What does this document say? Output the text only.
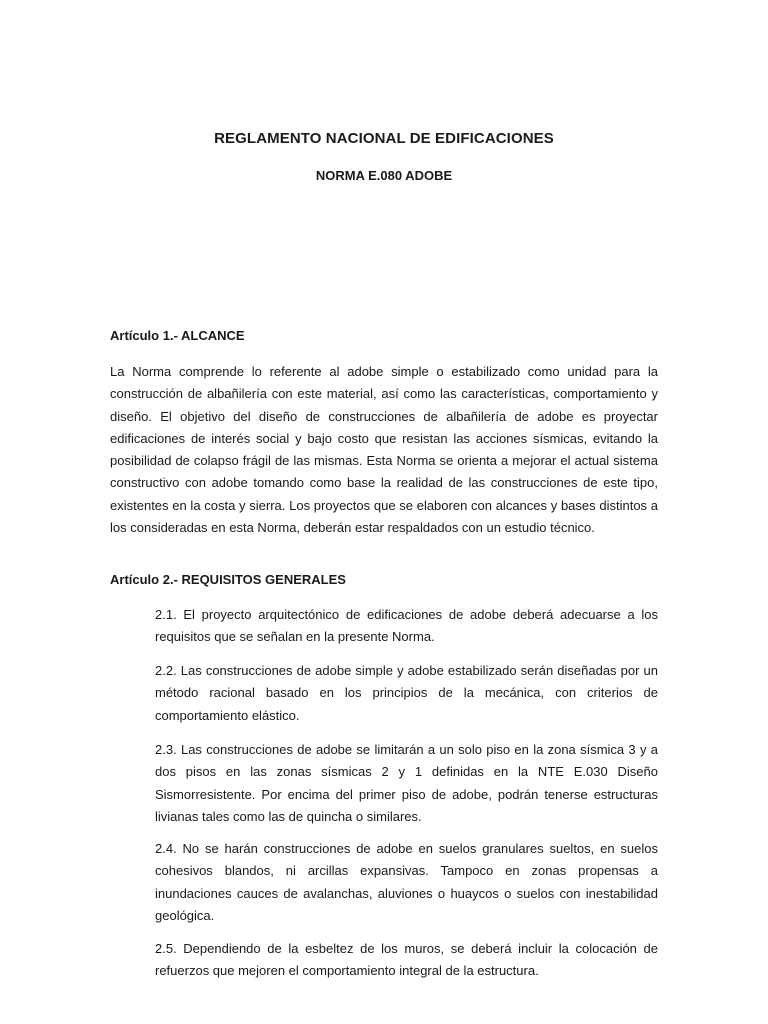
REGLAMENTO NACIONAL DE EDIFICACIONES
NORMA E.080 ADOBE
Artículo 1.- ALCANCE

La Norma comprende lo referente al adobe simple o estabilizado como unidad para la construcción de albañilería con este material, así como las características, comportamiento y diseño. El objetivo del diseño de construcciones de albañilería de adobe es proyectar edificaciones de interés social y bajo costo que resistan las acciones sísmicas, evitando la posibilidad de colapso frágil de las mismas. Esta Norma se orienta a mejorar el actual sistema constructivo con adobe tomando como base la realidad de las construcciones de este tipo, existentes en la costa y sierra. Los proyectos que se elaboren con alcances y bases distintos a los consideradas en esta Norma, deberán estar respaldados con un estudio técnico.

Artículo 2.- REQUISITOS GENERALES

2.1. El proyecto arquitectónico de edificaciones de adobe deberá adecuarse a los requisitos que se señalan en la presente Norma.

2.2. Las construcciones de adobe simple y adobe estabilizado serán diseñadas por un método racional basado en los principios de la mecánica, con criterios de comportamiento elástico.

2.3. Las construcciones de adobe se limitarán a un solo piso en la zona sísmica 3 y a dos pisos en las zonas sísmicas 2 y 1 definidas en la NTE E.030 Diseño Sismorresistente. Por encima del primer piso de adobe, podrán tenerse estructuras livianas tales como las de quincha o similares.

2.4. No se harán construcciones de adobe en suelos granulares sueltos, en suelos cohesivos blandos, ni arcillas expansivas. Tampoco en zonas propensas a inundaciones cauces de avalanchas, aluviones o huaycos o suelos con inestabilidad geológica.

2.5. Dependiendo de la esbeltez de los muros, se deberá incluir la colocación de refuerzos que mejoren el comportamiento integral de la estructura.
